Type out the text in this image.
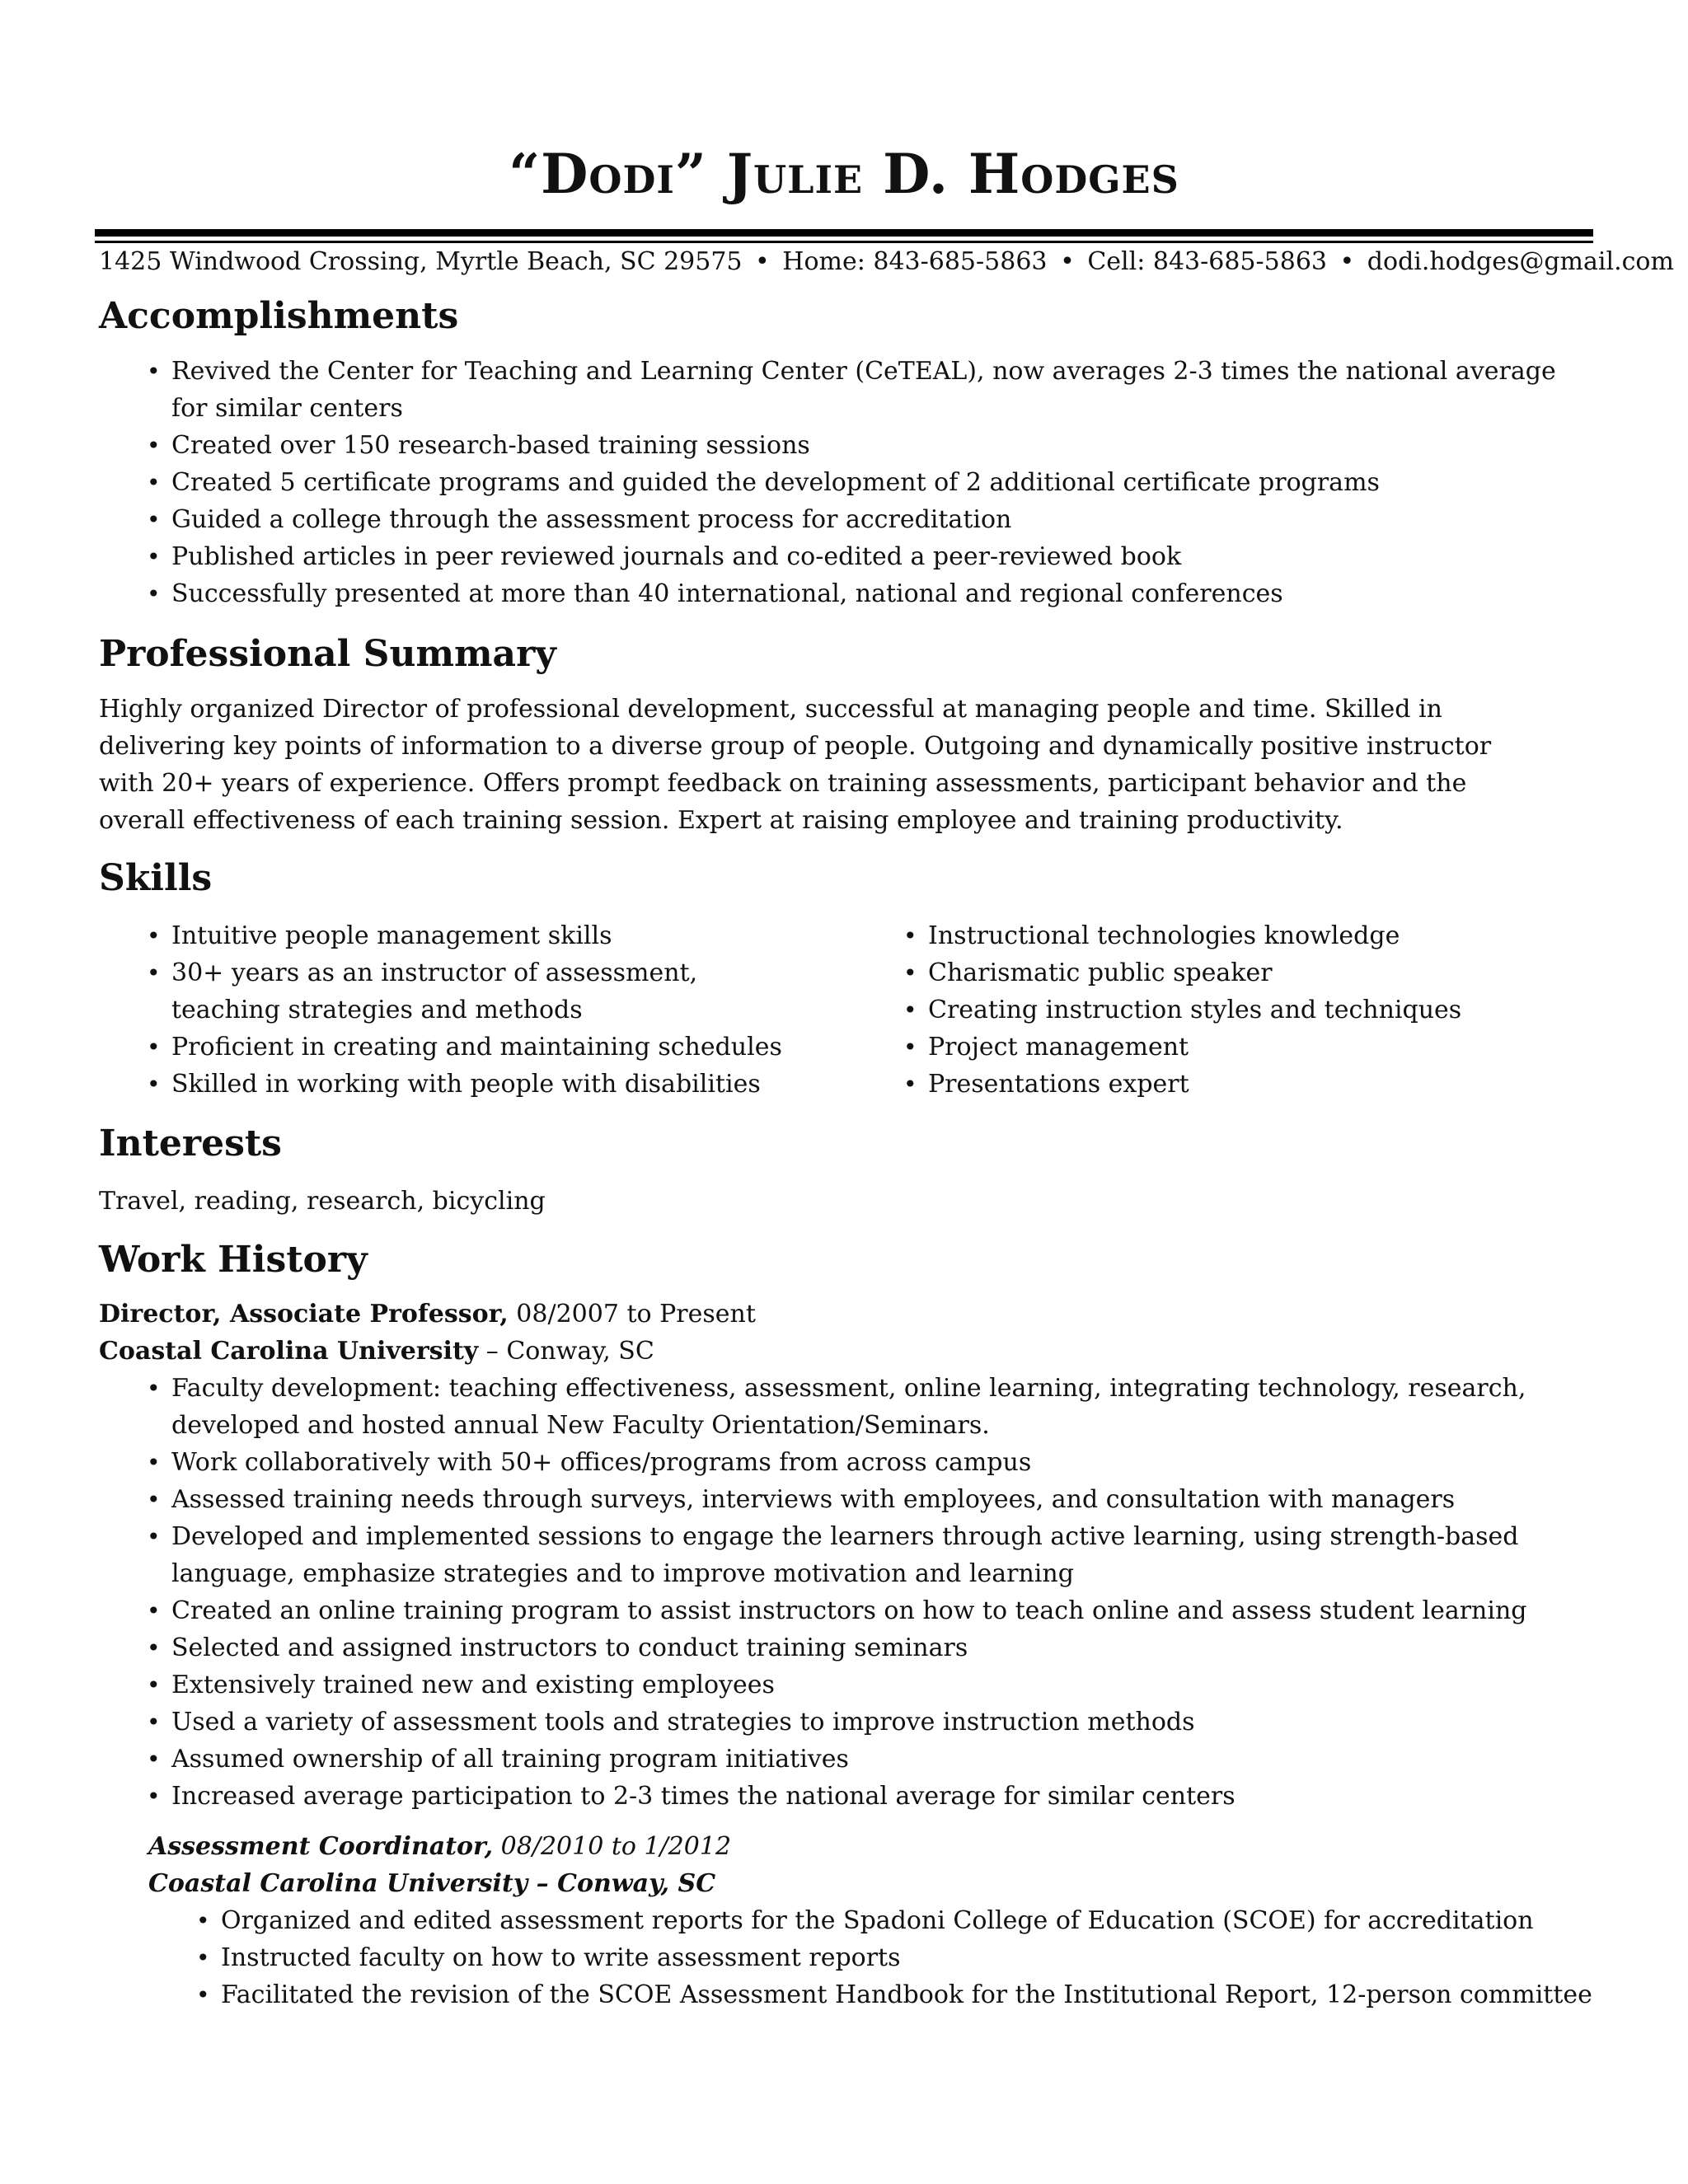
“Dodi” Julie D. Hodges
1425 Windwood Crossing, Myrtle Beach, SC 29575 • Home: 843-685-5863 • Cell: 843-685-5863 • dodi.hodges@gmail.com
Accomplishments
• Revived the Center for Teaching and Learning Center (CeTEAL), now averages 2-3 times the national average for similar centers
• Created over 150 research-based training sessions
• Created 5 certificate programs and guided the development of 2 additional certificate programs
• Guided a college through the assessment process for accreditation
• Published articles in peer reviewed journals and co-edited a peer-reviewed book
• Successfully presented at more than 40 international, national and regional conferences
Professional Summary
Highly organized Director of professional development, successful at managing people and time. Skilled in delivering key points of information to a diverse group of people. Outgoing and dynamically positive instructor with 20+ years of experience. Offers prompt feedback on training assessments, participant behavior and the overall effectiveness of each training session. Expert at raising employee and training productivity.
Skills
• Intuitive people management skills
• 30+ years as an instructor of assessment, teaching strategies and methods
• Proficient in creating and maintaining schedules
• Skilled in working with people with disabilities
• Instructional technologies knowledge
• Charismatic public speaker
• Creating instruction styles and techniques
• Project management
• Presentations expert
Interests
Travel, reading, research, bicycling
Work History
Director, Associate Professor, 08/2007 to Present
Coastal Carolina University – Conway, SC
• Faculty development: teaching effectiveness, assessment, online learning, integrating technology, research, developed and hosted annual New Faculty Orientation/Seminars.
• Work collaboratively with 50+ offices/programs from across campus
• Assessed training needs through surveys, interviews with employees, and consultation with managers
• Developed and implemented sessions to engage the learners through active learning, using strength-based language, emphasize strategies and to improve motivation and learning
• Created an online training program to assist instructors on how to teach online and assess student learning
• Selected and assigned instructors to conduct training seminars
• Extensively trained new and existing employees
• Used a variety of assessment tools and strategies to improve instruction methods
• Assumed ownership of all training program initiatives
• Increased average participation to 2-3 times the national average for similar centers
Assessment Coordinator, 08/2010 to 1/2012
Coastal Carolina University – Conway, SC
• Organized and edited assessment reports for the Spadoni College of Education (SCOE) for accreditation
• Instructed faculty on how to write assessment reports
• Facilitated the revision of the SCOE Assessment Handbook for the Institutional Report, 12-person committee
